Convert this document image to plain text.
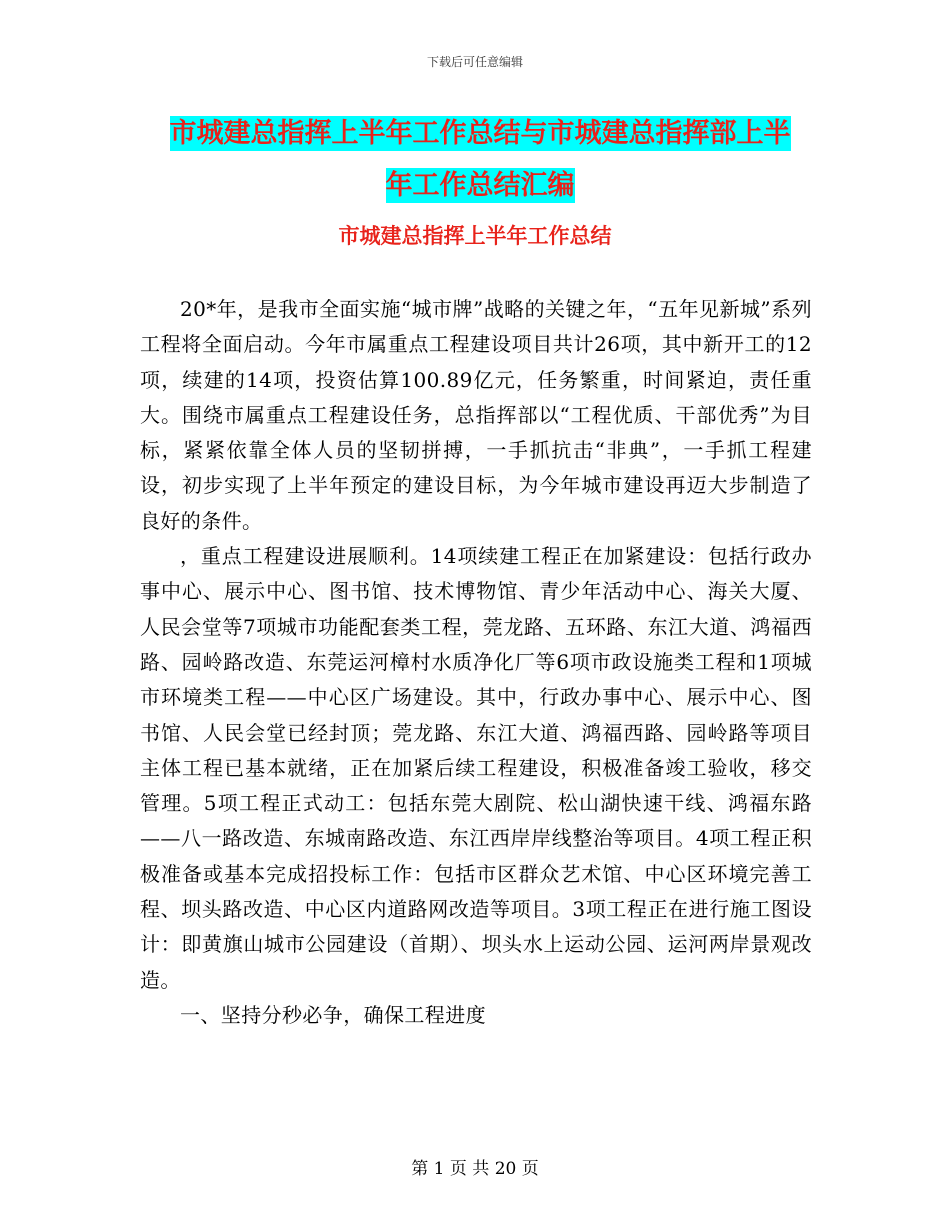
下载后可任意编辑
市城建总指挥上半年工作总结与市城建总指挥部上半
年工作总结汇编
市城建总指挥上半年工作总结

20*年，是我市全面实施“城市牌”战略的关键之年，“五年见新城”系列工程将全面启动。今年市属重点工程建设项目共计26项，其中新开工的12项，续建的14项，投资估算100.89亿元，任务繁重，时间紧迫，责任重大。围绕市属重点工程建设任务，总指挥部以“工程优质、干部优秀”为目标，紧紧依靠全体人员的坚韧拼搏，一手抓抗击“非典”，一手抓工程建设，初步实现了上半年预定的建设目标，为今年城市建设再迈大步制造了良好的条件。

，重点工程建设进展顺利。14项续建工程正在加紧建设：包括行政办事中心、展示中心、图书馆、技术博物馆、青少年活动中心、海关大厦、人民会堂等7项城市功能配套类工程，莞龙路、五环路、东江大道、鸿福西路、园岭路改造、东莞运河樟村水质净化厂等6项市政设施类工程和1项城市环境类工程——中心区广场建设。其中，行政办事中心、展示中心、图书馆、人民会堂已经封顶；莞龙路、东江大道、鸿福西路、园岭路等项目主体工程已基本就绪，正在加紧后续工程建设，积极准备竣工验收，移交管理。5项工程正式动工：包括东莞大剧院、松山湖快速干线、鸿福东路——八一路改造、东城南路改造、东江西岸岸线整治等项目。4项工程正积极准备或基本完成招投标工作：包括市区群众艺术馆、中心区环境完善工程、坝头路改造、中心区内道路网改造等项目。3项工程正在进行施工图设计：即黄旗山城市公园建设（首期）、坝头水上运动公园、运河两岸景观改造。

一、坚持分秒必争，确保工程进度

第 1 页 共 20 页
